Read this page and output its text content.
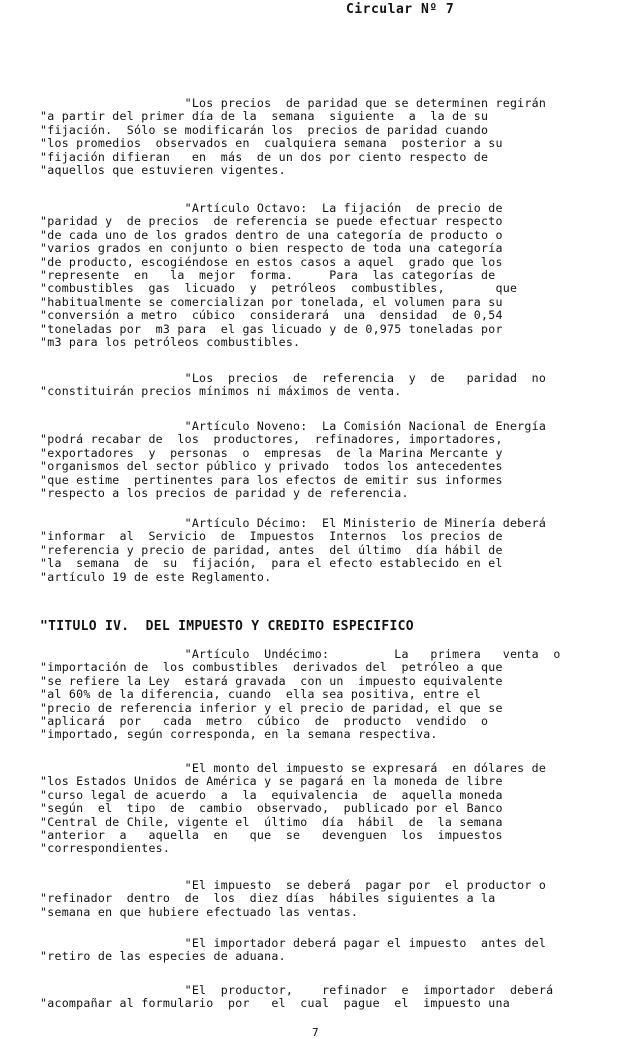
Circular Nº 7
"Los precios  de paridad que se determinen regirán
"a partir del primer día de la  semana  siguiente  a  la de su
"fijación.  Sólo se modificarán los  precios de paridad cuando
"los promedios  observados en  cualquiera semana  posterior a su
"fijación difieran   en  más  de un dos por ciento respecto de
"aquellos que estuvieren vigentes.
"Artículo Octavo:  La fijación  de precio de
"paridad y  de precios  de referencia se puede efectuar respecto
"de cada uno de los grados dentro de una categoría de producto o
"varios grados en conjunto o bien respecto de toda una categoría
"de producto, escogiéndose en estos casos a aquel  grado que los
"represente  en   la  mejor  forma.     Para  las categorías de
"combustibles  gas  licuado  y  petróleos  combustibles,       que
"habitualmente se comercializan por tonelada, el volumen para su
"conversión a metro  cúbico  considerará  una  densidad  de 0,54
"toneladas por  m3 para  el gas licuado y de 0,975 toneladas por
"m3 para los petróleos combustibles.
"Los  precios  de  referencia  y  de   paridad  no
"constituirán precios mínimos ni máximos de venta.
"Artículo Noveno:  La Comisión Nacional de Energía
"podrá recabar de  los  productores,  refinadores, importadores,
"exportadores  y  personas  o  empresas  de la Marina Mercante y
"organismos del sector público y privado  todos los antecedentes
"que estime  pertinentes para los efectos de emitir sus informes
"respecto a los precios de paridad y de referencia.
"Artículo Décimo:  El Ministerio de Minería deberá
"informar  al  Servicio  de  Impuestos  Internos  los precios de
"referencia y precio de paridad, antes  del último  día hábil de
"la  semana  de  su  fijación,  para el efecto establecido en el
"artículo 19 de este Reglamento.
"TITULO IV.  DEL IMPUESTO Y CREDITO ESPECIFICO
"Artículo  Undécimo:         La   primera   venta  o
"importación de  los combustibles  derivados del  petróleo a que
"se refiere la Ley  estará gravada  con un  impuesto equivalente
"al 60% de la diferencia, cuando  ella sea positiva, entre el
"precio de referencia inferior y el precio de paridad, el que se
"aplicará  por   cada  metro  cúbico  de  producto  vendido  o
"importado, según corresponda, en la semana respectiva.
"El monto del impuesto se expresará  en dólares de
"los Estados Unidos de América y se pagará en la moneda de libre
"curso legal de acuerdo  a  la  equivalencia  de  aquella moneda
"según  el  tipo  de  cambio  observado,  publicado por el Banco
"Central de Chile, vigente el  último  día  hábil  de  la semana
"anterior  a   aquella  en   que  se   devenguen  los  impuestos
"correspondientes.
"El impuesto  se deberá  pagar por  el productor o
"refinador  dentro  de  los  diez días  hábiles siguientes a la
"semana en que hubiere efectuado las ventas.
"El importador deberá pagar el impuesto  antes del
"retiro de las especies de aduana.
"El  productor,    refinador  e  importador  deberá
"acompañar al formulario  por   el  cual  pague  el  impuesto una
7
